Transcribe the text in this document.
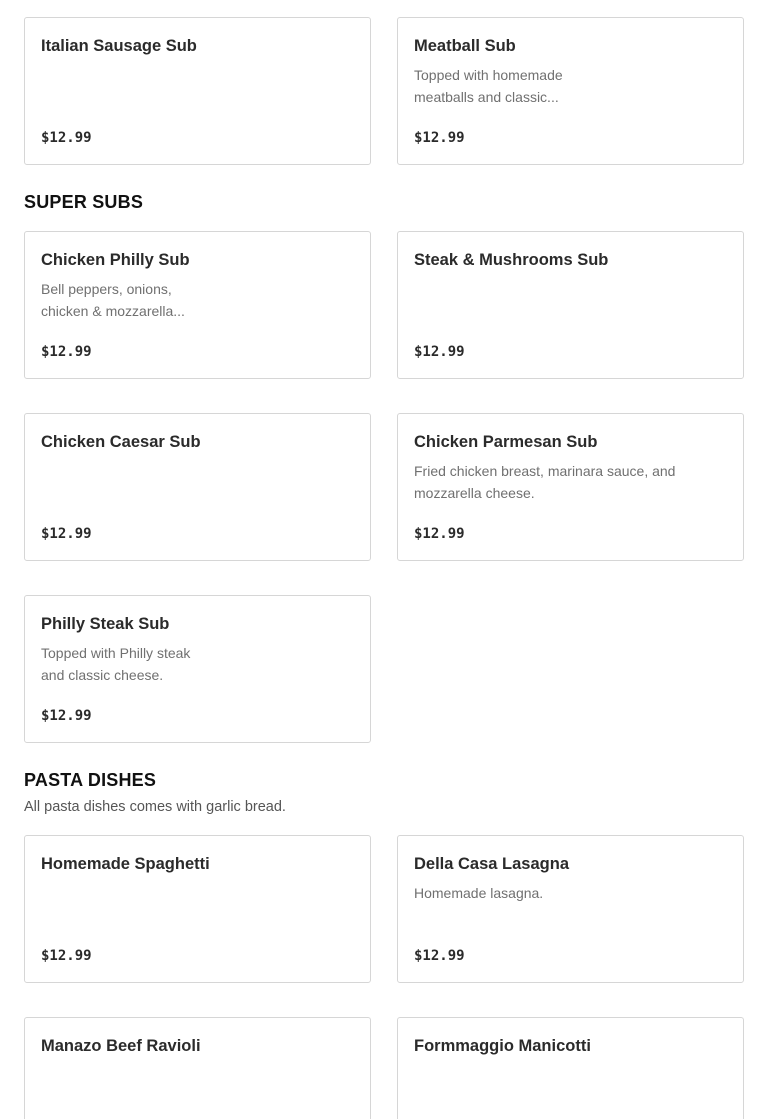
Italian Sausage Sub
$12.99
Meatball Sub
Topped with homemade meatballs and classic...
$12.99
SUPER SUBS
Chicken Philly Sub
Bell peppers, onions, chicken & mozzarella...
$12.99
Steak & Mushrooms Sub
$12.99
Chicken Caesar Sub
$12.99
Chicken Parmesan Sub
Fried chicken breast, marinara sauce, and mozzarella cheese.
$12.99
Philly Steak Sub
Topped with Philly steak and classic cheese.
$12.99
PASTA DISHES
All pasta dishes comes with garlic bread.
Homemade Spaghetti
$12.99
Della Casa Lasagna
Homemade lasagna.
$12.99
Manazo Beef Ravioli	Formmaggio Manicotti
